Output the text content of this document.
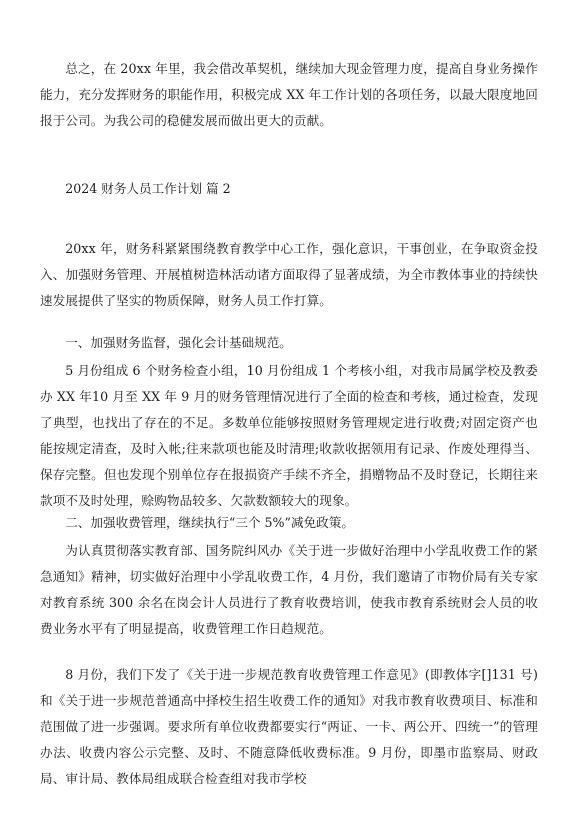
总之，在 20xx 年里，我会借改革契机，继续加大现金管理力度，提高自身业务操作能力，充分发挥财务的职能作用，积极完成 XX 年工作计划的各项任务，以最大限度地回报于公司。为我公司的稳健发展而做出更大的贡献。

2024 财务人员工作计划 篇 2

20xx 年，财务科紧紧围绕教育教学中心工作，强化意识，干事创业，在争取资金投入、加强财务管理、开展植树造林活动诸方面取得了显著成绩，为全市教体事业的持续快速发展提供了坚实的物质保障，财务人员工作打算。

一、加强财务监督，强化会计基础规范。

5 月份组成 6 个财务检查小组，10 月份组成 1 个考核小组，对我市局属学校及教委办 XX 年10 月至 XX 年 9 月的财务管理情况进行了全面的检查和考核，通过检查，发现了典型，也找出了存在的不足。多数单位能够按照财务管理规定进行收费;对固定资产也能按规定清查，及时入帐;往来款项也能及时清理;收款收据领用有记录、作废处理得当、保存完整。但也发现个别单位存在报损资产手续不齐全，捐赠物品不及时登记，长期往来款项不及时处理，赊购物品较多、欠款数额较大的现象。

二、加强收费管理，继续执行“三个 5%”减免政策。

为认真贯彻落实教育部、国务院纠风办《关于进一步做好治理中小学乱收费工作的紧急通知》精神，切实做好治理中小学乱收费工作，4 月份，我们邀请了市物价局有关专家对教育系统 300 余名在岗会计人员进行了教育收费培训，使我市教育系统财会人员的收费业务水平有了明显提高，收费管理工作日趋规范。

8 月份，我们下发了《关于进一步规范教育收费管理工作意见》(即教体字[]131 号)和《关于进一步规范普通高中择校生招生收费工作的通知》对我市教育收费项目、标准和范围做了进一步强调。要求所有单位收费都要实行“两证、一卡、两公开、四统一”的管理办法、收费内容公示完整、及时、不随意降低收费标准。9 月份，即墨市监察局、财政局、审计局、教体局组成联合检查组对我市学校
